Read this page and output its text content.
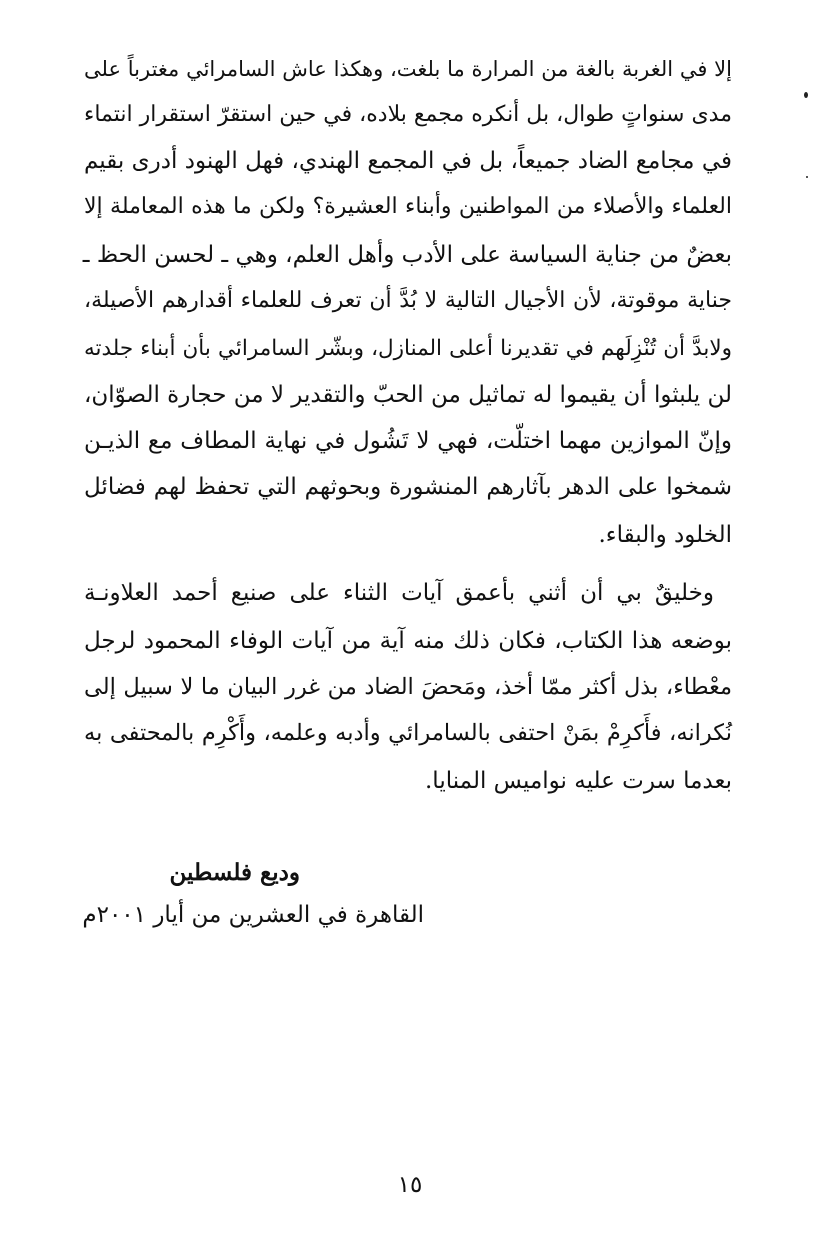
إلا في الغربة بالغة من المرارة ما بلغت، وهكذا عاش السامرائي مغترباً على
مدى سنواتٍ طوال، بل أنكره مجمع بلاده، في حين استقرّ استقرار انتماء
في مجامع الضاد جميعاً، بل في المجمع الهندي، فهل الهنود أدرى بقيم
العلماء والأصلاء من المواطنين وأبناء العشيرة؟ ولكن ما هذه المعاملة إلا
بعضٌ من جناية السياسة على الأدب وأهل العلم، وهي ـ لحسن الحظ ـ
جناية موقوتة، لأن الأجيال التالية لا بُدَّ أن تعرف للعلماء أقدارهم الأصيلة،
ولابدَّ أن تُنْزِلَهم في تقديرنا أعلى المنازل، وبشّر السامرائي بأن أبناء جلدته
لن يلبثوا أن يقيموا له تماثيل من الحبّ والتقدير لا من حجارة الصوّان،
وإنّ الموازين مهما اختلّت، فهي لا تَشُول في نهاية المطاف مع الذيـن
شمخوا على الدهر بآثارهم المنشورة وبحوثهم التي تحفظ لهم فضائل
الخلود والبقاء.
وخليقٌ بي أن أثني بأعمق آيات الثناء على صنيع أحمد العلاونـة
بوضعه هذا الكتاب، فكان ذلك منه آية من آيات الوفاء المحمود لرجل
معْطاء، بذل أكثر ممّا أخذ، ومَحضَ الضاد من غرر البيان ما لا سبيل إلى
نُكرانه، فأَكرِمْ بمَنْ احتفى بالسامرائي وأدبه وعلمه، وأَكْرِم بالمحتفى به
بعدما سرت عليه نواميس المنايا.
وديع فلسطين
القاهرة في العشرين من أيار ٢٠٠١م
١٥
